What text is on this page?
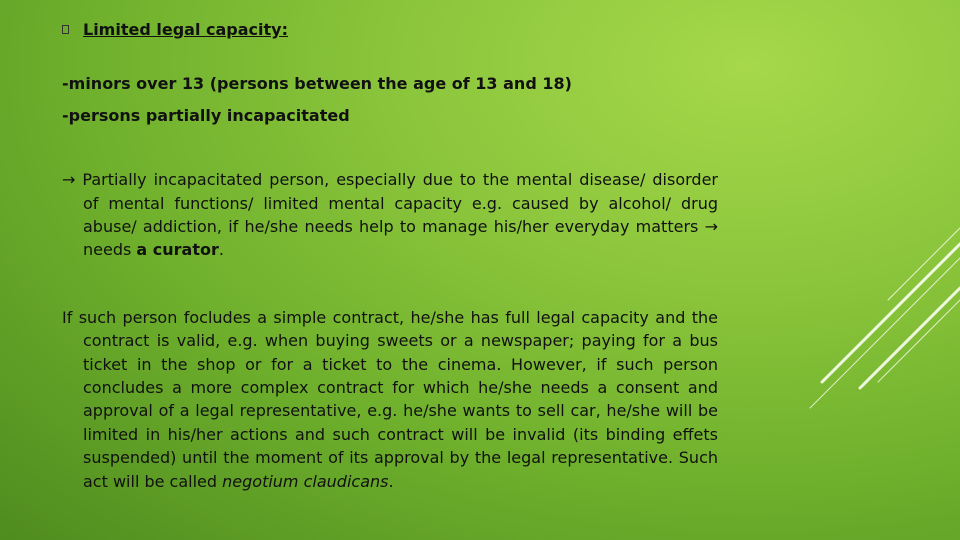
Limited legal capacity:

-minors over 13 (persons between the age of 13 and 18)

-persons partially incapacitated

→ Partially incapacitated person, especially due to the mental disease/ disorder of mental functions/ limited mental capacity e.g. caused by alcohol/ drug abuse/ addiction, if he/she needs help to manage his/her everyday matters → needs a curator.

If such person focludes a simple contract, he/she has full legal capacity and the contract is valid, e.g. when buying sweets or a newspaper; paying for a bus ticket in the shop or for a ticket to the cinema. However, if such person concludes a more complex contract for which he/she needs a consent and approval of a legal representative, e.g. he/she wants to sell car, he/she will be limited in his/her actions and such contract will be invalid (its binding effets suspended) until the moment of its approval by the legal representative. Such act will be called negotium claudicans.
